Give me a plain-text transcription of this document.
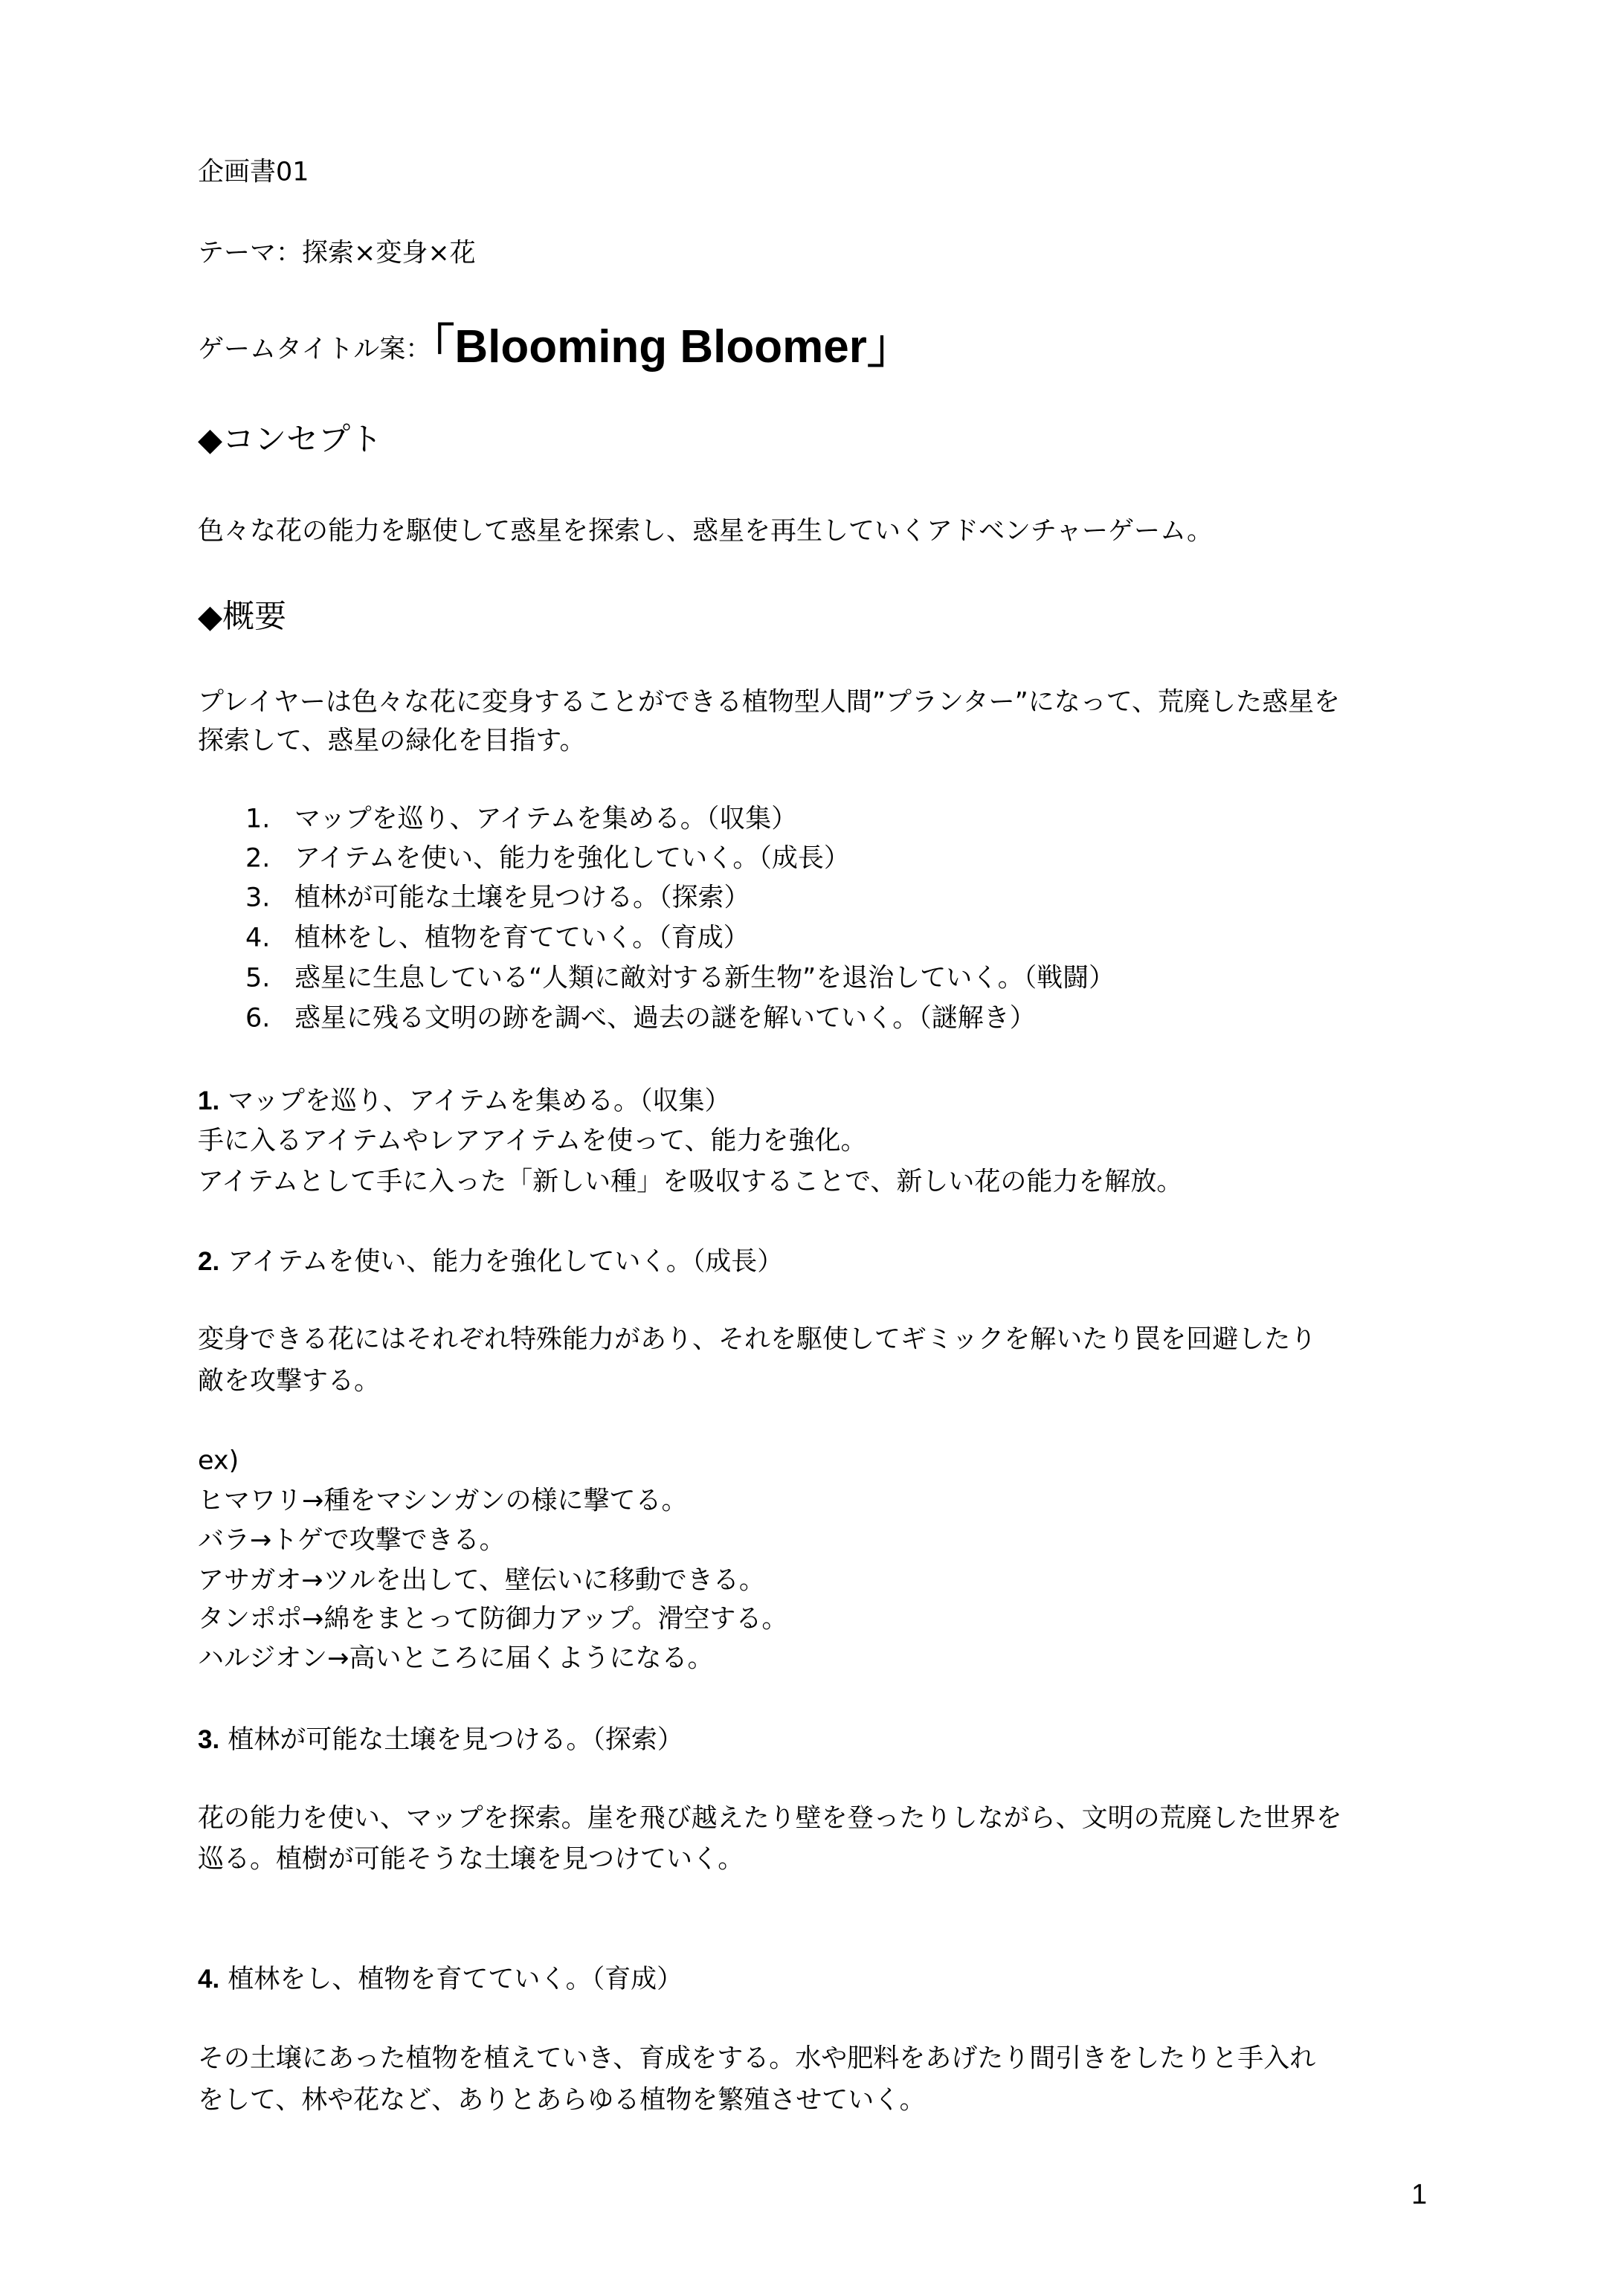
企画書01
テーマ：探索×変身×花
ゲームタイトル案：「Blooming Bloomer」
◆コンセプト
色々な花の能力を駆使して惑星を探索し、惑星を再生していくアドベンチャーゲーム。
◆概要
プレイヤーは色々な花に変身することができる植物型人間”プランター”になって、荒廃した惑星を
探索して、惑星の緑化を目指す。
1. マップを巡り、アイテムを集める。（収集）
2. アイテムを使い、能力を強化していく。（成長）
3. 植林が可能な土壌を見つける。（探索）
4. 植林をし、植物を育てていく。（育成）
5. 惑星に生息している“人類に敵対する新生物”を退治していく。（戦闘）
6. 惑星に残る文明の跡を調べ、過去の謎を解いていく。（謎解き）
1. マップを巡り、アイテムを集める。（収集）
手に入るアイテムやレアアイテムを使って、能力を強化。
アイテムとして手に入った「新しい種」を吸収することで、新しい花の能力を解放。
2. アイテムを使い、能力を強化していく。（成長）
変身できる花にはそれぞれ特殊能力があり、それを駆使してギミックを解いたり罠を回避したり
敵を攻撃する。
ex)
ヒマワリ→種をマシンガンの様に撃てる。
バラ→トゲで攻撃できる。
アサガオ→ツルを出して、壁伝いに移動できる。
タンポポ→綿をまとって防御力アップ。滑空する。
ハルジオン→高いところに届くようになる。
3. 植林が可能な土壌を見つける。（探索）
花の能力を使い、マップを探索。崖を飛び越えたり壁を登ったりしながら、文明の荒廃した世界を
巡る。植樹が可能そうな土壌を見つけていく。
4. 植林をし、植物を育てていく。（育成）
その土壌にあった植物を植えていき、育成をする。水や肥料をあげたり間引きをしたりと手入れ
をして、林や花など、ありとあらゆる植物を繁殖させていく。
1
